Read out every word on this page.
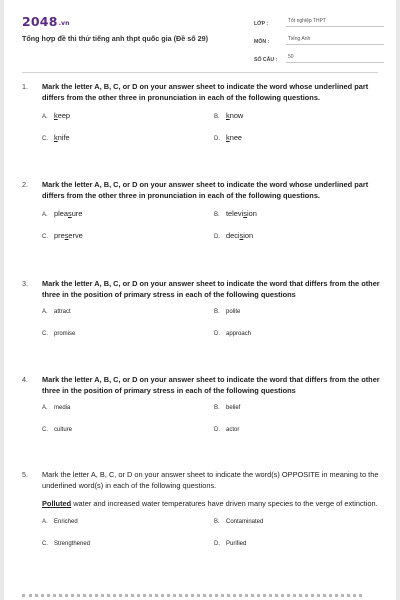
2048.vn
Tổng hợp đề thi thử tiếng anh thpt quốc gia (Đề số 29)
LỚP :	Tốt nghiệp THPT
MÔN :	Tiếng Anh
SỐ CÂU :	50
1. Mark the letter A, B, C, or D on your answer sheet to indicate the word whose underlined part differs from the other three in pronunciation in each of the following questions.
A. keep	B. know
C. knife	D. knee
2. Mark the letter A, B, C, or D on your answer sheet to indicate the word whose underlined part differs from the other three in pronunciation in each of the following questions.
A. pleasure	B. television
C. preserve	D. decision
3. Mark the letter A, B, C, or D on your answer sheet to indicate the word that differs from the other three in the position of primary stress in each of the following questions
A. attract	B. polite
C. promise	D. approach
4. Mark the letter A, B, C, or D on your answer sheet to indicate the word that differs from the other three in the position of primary stress in each of the following questions
A. media	B. belief
C. culture	D. actor
5. Mark the letter A, B, C, or D on your answer sheet to indicate the word(s) OPPOSITE in meaning to the underlined word(s) in each of the following questions.
Polluted water and increased water temperatures have driven many species to the verge of extinction.
A. Enriched	B. Contaminated
C. Strengthened	D. Purified
